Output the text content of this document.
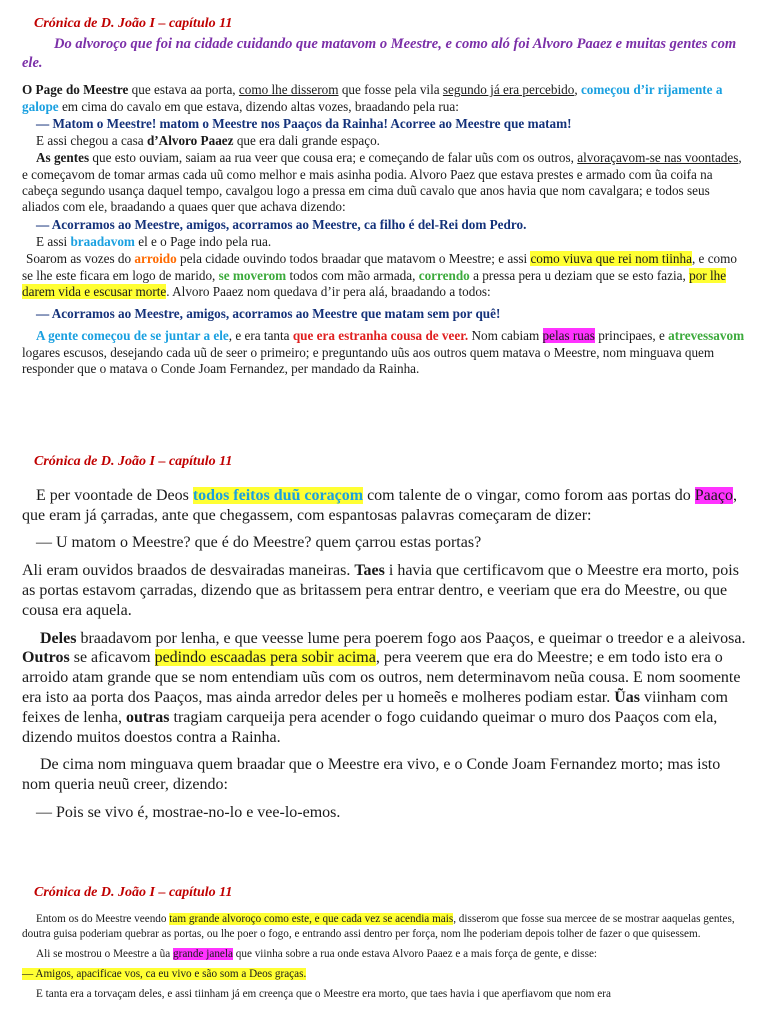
Crónica de D. João I – capítulo 11

Do alvoroço que foi na cidade cuidando que matavom o Meestre, e como aló foi Alvoro Paaez e muitas gentes com ele.

O Page do Meestre que estava aa porta, como lhe disserom que fosse pela vila segundo já era percebido, começou d’ir rijamente a galope em cima do cavalo em que estava, dizendo altas vozes, braadando pela rua:

— Matom o Meestre! matom o Meestre nos Paaços da Rainha! Acorree ao Meestre que matam!

E assi chegou a casa d’Alvoro Paaez que era dali grande espaço.

As gentes que esto ouviam, saiam aa rua veer que cousa era; e começando de falar uũs com os outros, alvoraçavom-se nas voontades, e começavom de tomar armas cada uũ como melhor e mais asinha podia. Alvoro Paez que estava prestes e armado com ũa coifa na cabeça segundo usança daquel tempo, cavalgou logo a pressa em cima duũ cavalo que anos havia que nom cavalgara; e todos seus aliados com ele, braadando a quaes quer que achava dizendo:

— Acorramos ao Meestre, amigos, acorramos ao Meestre, ca filho é del-Rei dom Pedro.

E assi braadavom el e o Page indo pela rua.

Soarom as vozes do arroido pela cidade ouvindo todos braadar que matavom o Meestre; e assi como viuva que rei nom tiinha, e como se lhe este ficara em logo de marido, se moverom todos com mão armada, correndo a pressa pera u deziam que se esto fazia, por lhe darem vida e escusar morte. Alvoro Paaez nom quedava d’ir pera alá, braadando a todos:

— Acorramos ao Meestre, amigos, acorramos ao Meestre que matam sem por quê!

A gente começou de se juntar a ele, e era tanta que era estranha cousa de veer. Nom cabiam pelas ruas principaes, e atrevessavom logares escusos, desejando cada uũ de seer o primeiro; e preguntando uũs aos outros quem matava o Meestre, nom minguava quem responder que o matava o Conde Joam Fernandez, per mandado da Rainha.

Crónica de D. João I – capítulo 11

E per voontade de Deos todos feitos duũ coraçom com talente de o vingar, como forom aas portas do Paaço, que eram já çarradas, ante que chegassem, com espantosas palavras começaram de dizer:

— U matom o Meestre? que é do Meestre? quem çarrou estas portas?

Ali eram ouvidos braados de desvairadas maneiras. Taes i havia que certificavom que o Meestre era morto, pois as portas estavom çarradas, dizendo que as britassem pera entrar dentro, e veeriam que era do Meestre, ou que cousa era aquela.

Deles braadavom por lenha, e que veesse lume pera poerem fogo aos Paaços, e queimar o treedor e a aleivosa. Outros se aficavom pedindo escaadas pera sobir acima, pera veerem que era do Meestre; e em todo isto era o arroido atam grande que se nom entendiam uũs com os outros, nem determinavom neũa cousa. E nom soomente era isto aa porta dos Paaços, mas ainda arredor deles per u homeẽs e molheres podiam estar. Ũas viinham com feixes de lenha, outras tragiam carqueija pera acender o fogo cuidando queimar o muro dos Paaços com ela, dizendo muitos doestos contra a Rainha.

De cima nom minguava quem braadar que o Meestre era vivo, e o Conde Joam Fernandez morto; mas isto nom queria neuũ creer, dizendo:

— Pois se vivo é, mostrae-no-lo e vee-lo-emos.

Crónica de D. João I – capítulo 11

Entom os do Meestre veendo tam grande alvoroço como este, e que cada vez se acendia mais, disserom que fosse sua mercee de se mostrar aaquelas gentes, doutra guisa poderiam quebrar as portas, ou lhe poer o fogo, e entrando assi dentro per força, nom lhe poderiam depois tolher de fazer o que quisessem.

Ali se mostrou o Meestre a ũa grande janela que viinha sobre a rua onde estava Alvoro Paaez e a mais força de gente, e disse:

— Amigos, apacificae vos, ca eu vivo e são som a Deos graças.

E tanta era a torvaçam deles, e assi tiinham já em creença que o Meestre era morto, que taes havia i que aperfiavom que nom era
